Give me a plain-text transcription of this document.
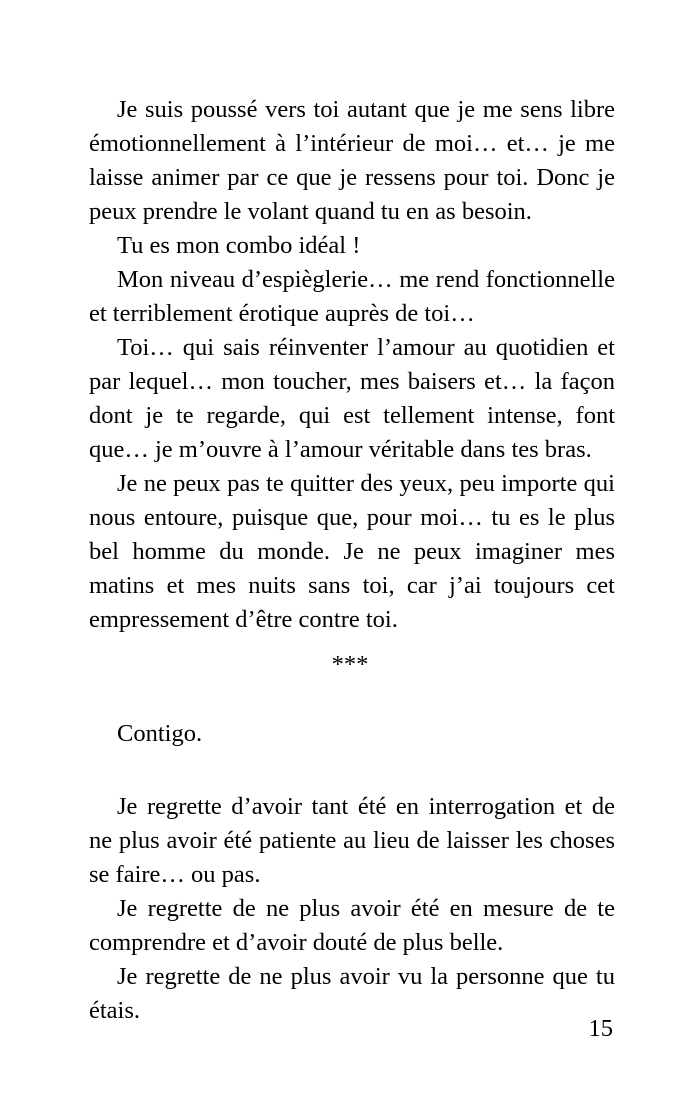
Je suis poussé vers toi autant que je me sens libre émotionnellement à l’intérieur de moi… et… je me laisse animer par ce que je ressens pour toi. Donc je peux prendre le volant quand tu en as besoin.

Tu es mon combo idéal !

Mon niveau d’espièglerie… me rend fonctionnelle et terriblement érotique auprès de toi…

Toi… qui sais réinventer l’amour au quotidien et par lequel… mon toucher, mes baisers et… la façon dont je te regarde, qui est tellement intense, font que… je m’ouvre à l’amour véritable dans tes bras.

Je ne peux pas te quitter des yeux, peu importe qui nous entoure, puisque que, pour moi… tu es le plus bel homme du monde. Je ne peux imaginer mes matins et mes nuits sans toi, car j’ai toujours cet empressement d’être contre toi.

***
Contigo.

Je regrette d’avoir tant été en interrogation et de ne plus avoir été patiente au lieu de laisser les choses se faire… ou pas.

Je regrette de ne plus avoir été en mesure de te comprendre et d’avoir douté de plus belle.

Je regrette de ne plus avoir vu la personne que tu étais.

15
